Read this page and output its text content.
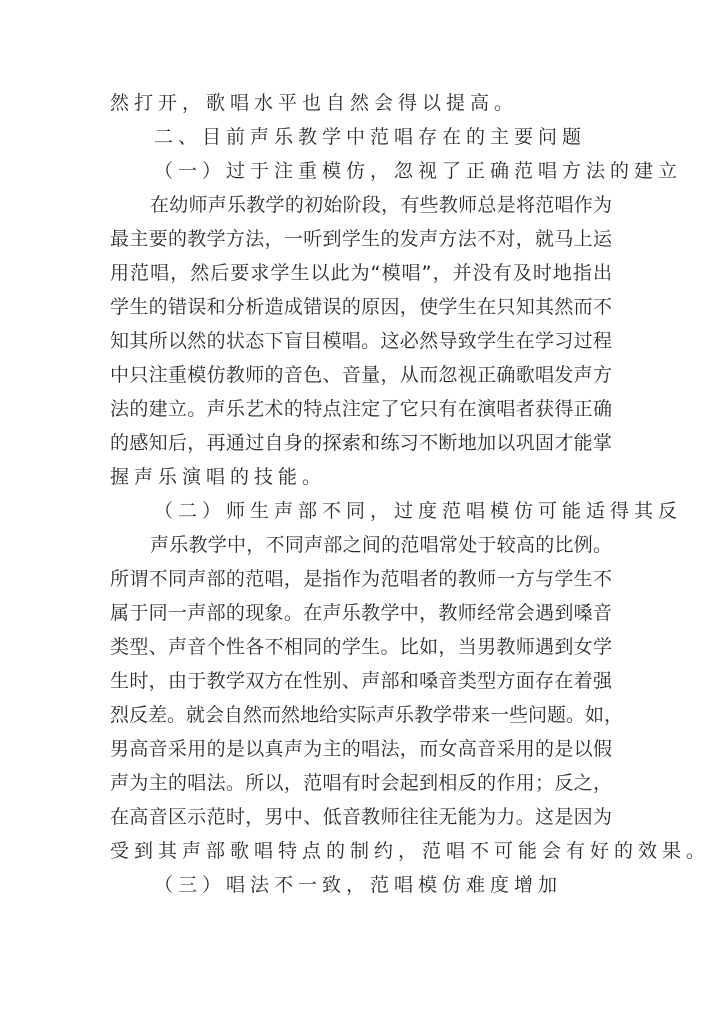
然打开，歌唱水平也自然会得以提高。
二、目前声乐教学中范唱存在的主要问题
（一）过于注重模仿，忽视了正确范唱方法的建立
在幼师声乐教学的初始阶段，有些教师总是将范唱作为
最主要的教学方法，一听到学生的发声方法不对，就马上运
用范唱，然后要求学生以此为“模唱”，并没有及时地指出
学生的错误和分析造成错误的原因，使学生在只知其然而不
知其所以然的状态下盲目模唱。这必然导致学生在学习过程
中只注重模仿教师的音色、音量，从而忽视正确歌唱发声方
法的建立。声乐艺术的特点注定了它只有在演唱者获得正确
的感知后，再通过自身的探索和练习不断地加以巩固才能掌
握声乐演唱的技能。
（二）师生声部不同，过度范唱模仿可能适得其反
声乐教学中，不同声部之间的范唱常处于较高的比例。
所谓不同声部的范唱，是指作为范唱者的教师一方与学生不
属于同一声部的现象。在声乐教学中，教师经常会遇到嗓音
类型、声音个性各不相同的学生。比如，当男教师遇到女学
生时，由于教学双方在性别、声部和嗓音类型方面存在着强
烈反差。就会自然而然地给实际声乐教学带来一些问题。如，
男高音采用的是以真声为主的唱法，而女高音采用的是以假
声为主的唱法。所以，范唱有时会起到相反的作用；反之，
在高音区示范时，男中、低音教师往往无能为力。这是因为
受到其声部歌唱特点的制约，范唱不可能会有好的效果。
（三）唱法不一致，范唱模仿难度增加
